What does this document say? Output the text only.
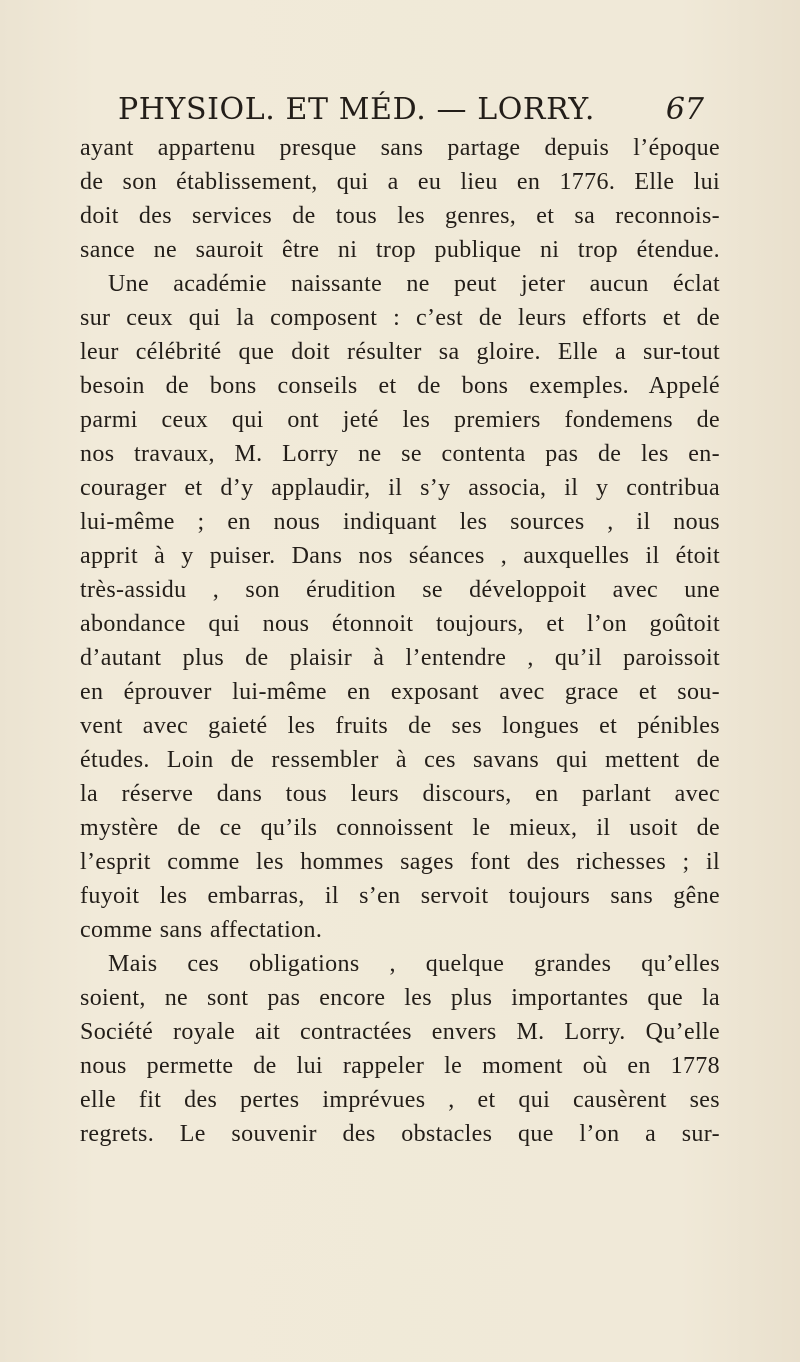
PHYSIOL. ET MÉD. — LORRY. 67
ayant appartenu presque sans partage depuis l’époque
de son établissement, qui a eu lieu en 1776. Elle lui
doit des services de tous les genres, et sa reconnois-
sance ne sauroit être ni trop publique ni trop étendue.
Une académie naissante ne peut jeter aucun éclat
sur ceux qui la composent : c’est de leurs efforts et de
leur célébrité que doit résulter sa gloire. Elle a sur-tout
besoin de bons conseils et de bons exemples. Appelé
parmi ceux qui ont jeté les premiers fondemens de
nos travaux, M. Lorry ne se contenta pas de les en-
courager et d’y applaudir, il s’y associa, il y contribua
lui-même ; en nous indiquant les sources , il nous
apprit à y puiser. Dans nos séances , auxquelles il étoit
très-assidu , son érudition se développoit avec une
abondance qui nous étonnoit toujours, et l’on goûtoit
d’autant plus de plaisir à l’entendre , qu’il paroissoit
en éprouver lui-même en exposant avec grace et sou-
vent avec gaieté les fruits de ses longues et pénibles
études. Loin de ressembler à ces savans qui mettent de
la réserve dans tous leurs discours, en parlant avec
mystère de ce qu’ils connoissent le mieux, il usoit de
l’esprit comme les hommes sages font des richesses ; il
fuyoit les embarras, il s’en servoit toujours sans gêne
comme sans affectation.
Mais ces obligations , quelque grandes qu’elles
soient, ne sont pas encore les plus importantes que la
Société royale ait contractées envers M. Lorry. Qu’elle
nous permette de lui rappeler le moment où en 1778
elle fit des pertes imprévues , et qui causèrent ses
regrets. Le souvenir des obstacles que l’on a sur-
